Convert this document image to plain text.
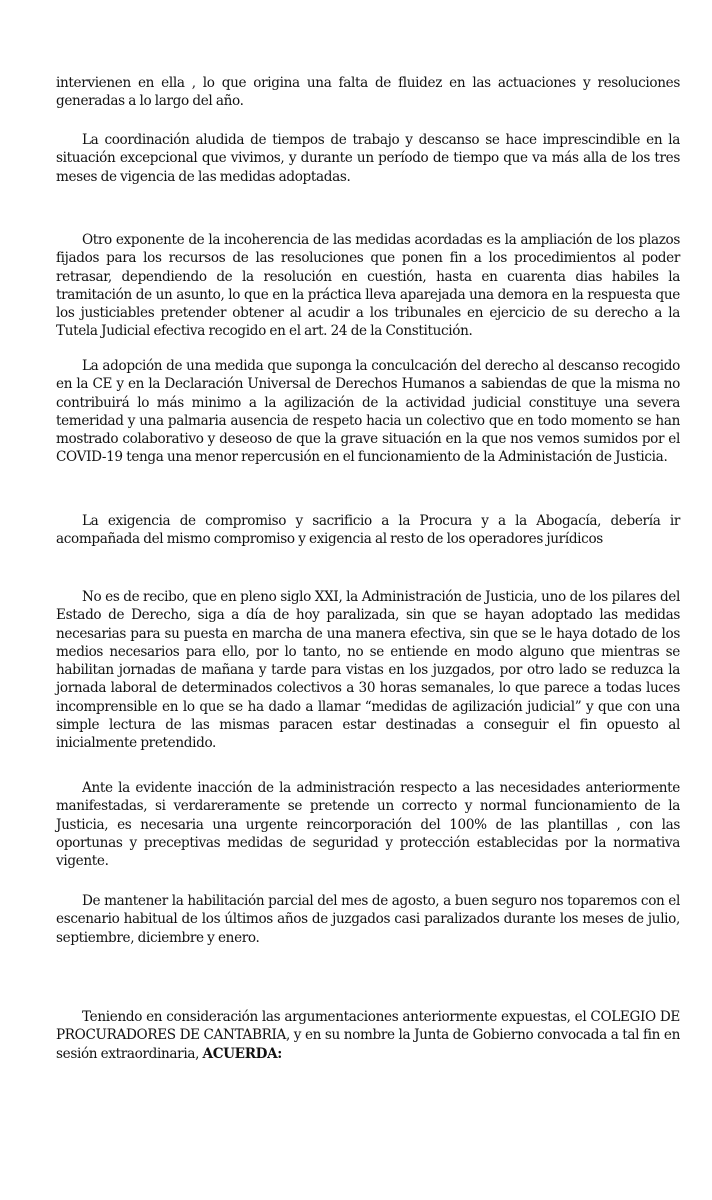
intervienen en ella , lo que origina una falta de fluidez en las actuaciones y resoluciones generadas a lo largo del año.

La coordinación aludida de tiempos de trabajo y descanso se hace imprescindible en la situación excepcional que vivimos, y durante un período de tiempo que va más alla de los tres meses de vigencia de las medidas adoptadas.

Otro exponente de la incoherencia de las medidas acordadas es la ampliación de los plazos fijados para los recursos de las resoluciones que ponen fin a los procedimientos al poder retrasar, dependiendo de la resolución en cuestión, hasta en cuarenta dias habiles la tramitación de un asunto, lo que en la práctica lleva aparejada una demora en la respuesta que los justiciables pretender obtener al acudir a los tribunales en ejercicio de su derecho a la Tutela Judicial efectiva recogido en el art. 24 de la Constitución.

La adopción de una medida que suponga la conculcación del derecho al descanso recogido en la CE y en la Declaración Universal de Derechos Humanos a sabiendas de que la misma no contribuirá lo más minimo a la agilización de la actividad judicial constituye una severa temeridad y una palmaria ausencia de respeto hacia un colectivo que en todo momento se han mostrado colaborativo y deseoso de que la grave situación en la que nos vemos sumidos por el COVID-19 tenga una menor repercusión en el funcionamiento de la Administación de Justicia.

La exigencia de compromiso y sacrificio a la Procura y a la Abogacía, debería ir acompañada del mismo compromiso y exigencia al resto de los operadores jurídicos

No es de recibo, que en pleno siglo XXI, la Administración de Justicia, uno de los pilares del Estado de Derecho, siga a día de hoy paralizada, sin que se hayan adoptado las medidas necesarias para su puesta en marcha de una manera efectiva, sin que se le haya dotado de los medios necesarios para ello, por lo tanto, no se entiende en modo alguno que mientras se habilitan jornadas de mañana y tarde para vistas en los juzgados, por otro lado se reduzca la jornada laboral de determinados colectivos a 30 horas semanales, lo que parece a todas luces incomprensible en lo que se ha dado a llamar “medidas de agilización judicial” y que con una simple lectura de las mismas paracen estar destinadas a conseguir el fin opuesto al inicialmente pretendido.

Ante la evidente inacción de la administración respecto a las necesidades anteriormente manifestadas, si verdareramente se pretende un correcto y normal funcionamiento de la Justicia, es necesaria una urgente reincorporación del 100% de las plantillas , con las oportunas y preceptivas medidas de seguridad y protección establecidas por la normativa vigente.

De mantener la habilitación parcial del mes de agosto, a buen seguro nos toparemos con el escenario habitual de los últimos años de juzgados casi paralizados durante los meses de julio, septiembre, diciembre y enero.

Teniendo en consideración las argumentaciones anteriormente expuestas, el COLEGIO DE PROCURADORES DE CANTABRIA, y en su nombre la Junta de Gobierno convocada a tal fin en sesión extraordinaria, ACUERDA:
